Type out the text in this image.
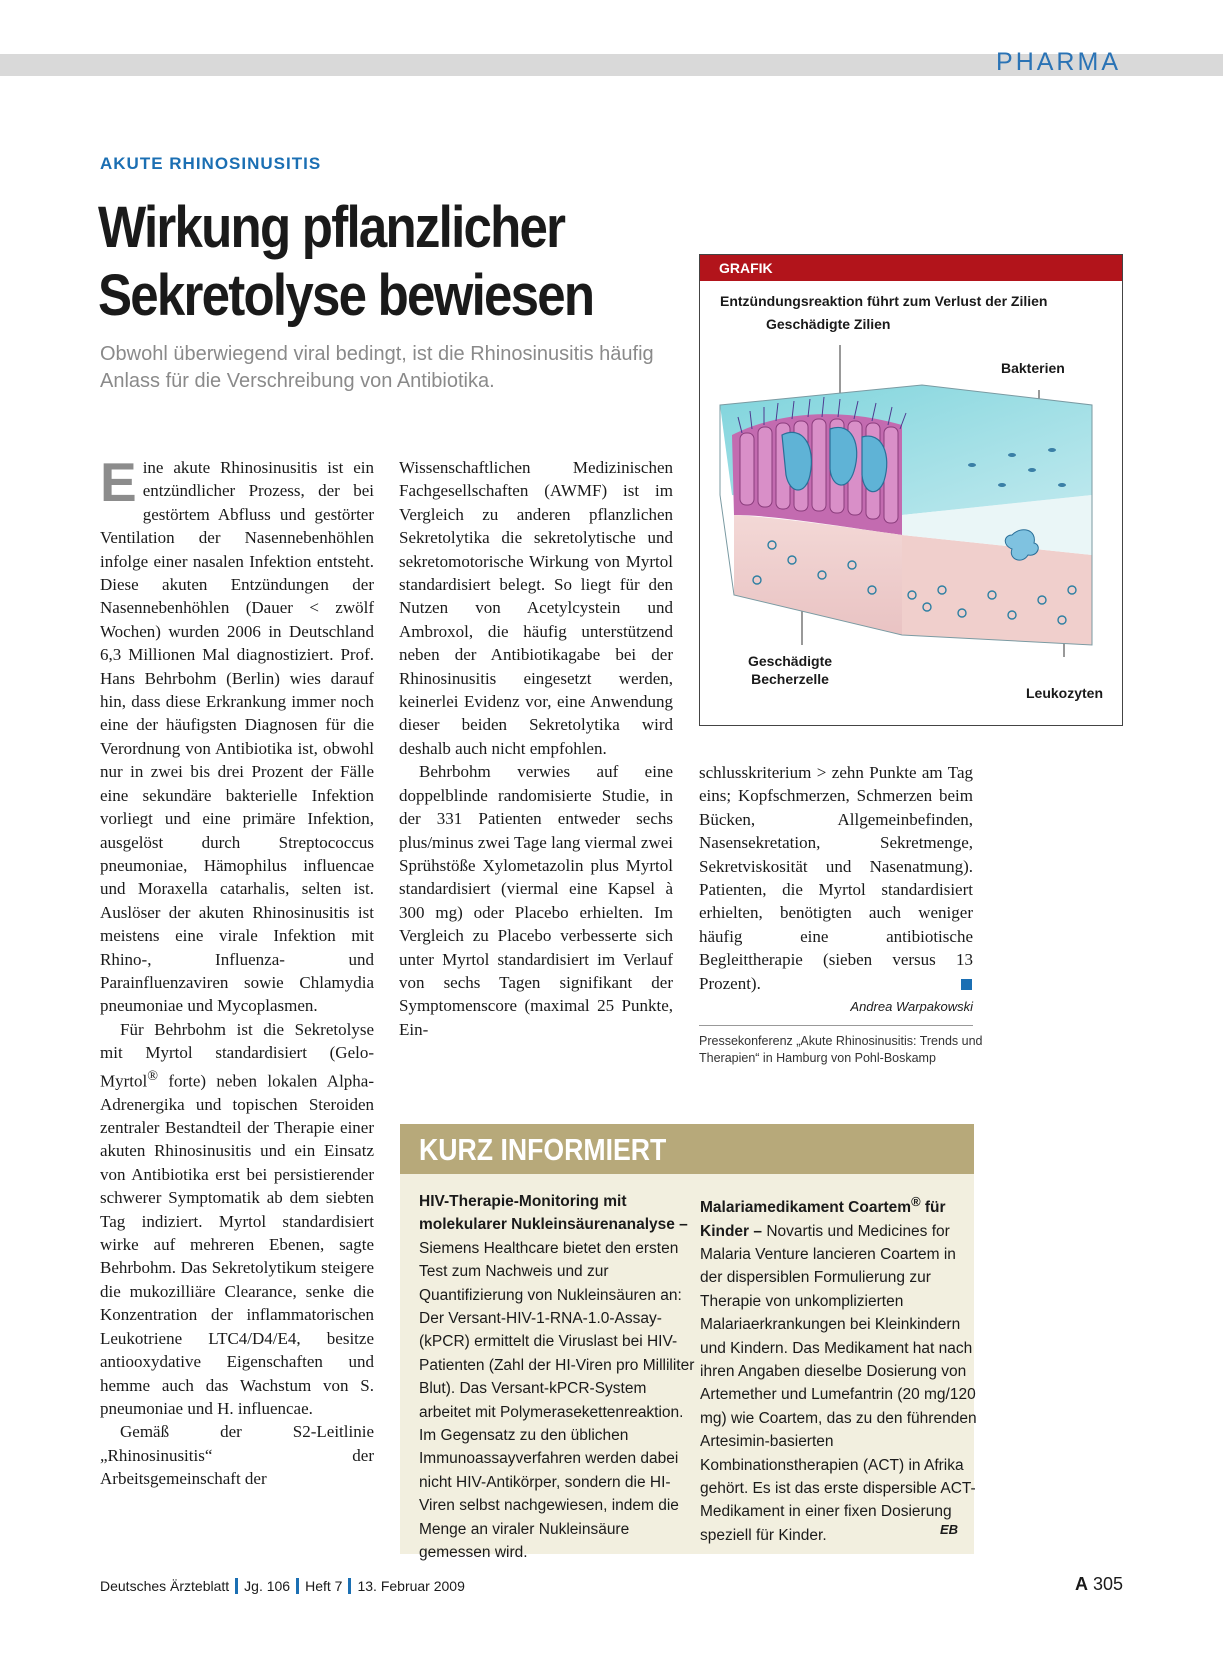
PHARMA
AKUTE RHINOSINUSITIS
Wirkung pflanzlicher Sekretolyse bewiesen
Obwohl überwiegend viral bedingt, ist die Rhinosinusitis häufig Anlass für die Verschreibung von Antibiotika.

Eine akute Rhinosinusitis ist ein entzündlicher Prozess, der bei gestörtem Abfluss und gestörter Ventilation der Nasennebenhöhlen infolge einer nasalen Infektion entsteht. Diese akuten Entzündungen der Nasennebenhöhlen (Dauer < zwölf Wochen) wurden 2006 in Deutschland 6,3 Millionen Mal diagnostiziert. Prof. Hans Behrbohm (Berlin) wies darauf hin, dass diese Erkrankung immer noch eine der häufigsten Diagnosen für die Verordnung von Antibiotika ist, obwohl nur in zwei bis drei Prozent der Fälle eine sekundäre bakterielle Infektion vorliegt und eine primäre Infektion, ausgelöst durch Streptococcus pneumoniae, Hämophilus influencae und Moraxella catarhalis, selten ist. Auslöser der akuten Rhinosinusitis ist meistens eine virale Infektion mit Rhino-, Influenza- und Parainfluenzaviren sowie Chlamydia pneumoniae und Mycoplasmen.

Für Behrbohm ist die Sekretolyse mit Myrtol standardisiert (Gelo-Myrtol® forte) neben lokalen Alpha-Adrenergika und topischen Steroiden zentraler Bestandteil der Therapie einer akuten Rhinosinusitis und ein Einsatz von Antibiotika erst bei persistierender schwerer Symptomatik ab dem siebten Tag indiziert. Myrtol standardisiert wirke auf mehreren Ebenen, sagte Behrbohm. Das Sekretolytikum steigere die mukozilliäre Clearance, senke die Konzentration der inflammatorischen Leukotriene LTC4/D4/E4, besitze antiooxydative Eigenschaften und hemme auch das Wachstum von S. pneumoniae und H. influencae.

Gemäß der S2-Leitlinie „Rhinosinusitis“ der Arbeitsgemeinschaft der

Wissenschaftlichen Medizinischen Fachgesellschaften (AWMF) ist im Vergleich zu anderen pflanzlichen Sekretolytika die sekretolytische und sekretomotorische Wirkung von Myrtol standardisiert belegt. So liegt für den Nutzen von Acetylcystein und Ambroxol, die häufig unterstützend neben der Antibiotikagabe bei der Rhinosinusitis eingesetzt werden, keinerlei Evidenz vor, eine Anwendung dieser beiden Sekretolytika wird deshalb auch nicht empfohlen.

Behrbohm verwies auf eine doppelblinde randomisierte Studie, in der 331 Patienten entweder sechs plus/minus zwei Tage lang viermal zwei Sprühstöße Xylometazolin plus Myrtol standardisiert (viermal eine Kapsel à 300 mg) oder Placebo erhielten. Im Vergleich zu Placebo verbesserte sich unter Myrtol standardisiert im Verlauf von sechs Tagen signifikant der Symptomenscore (maximal 25 Punkte, Ein-

schlusskriterium > zehn Punkte am Tag eins; Kopfschmerzen, Schmerzen beim Bücken, Allgemeinbefinden, Nasensekretation, Sekretmenge, Sekretviskosität und Nasenatmung). Patienten, die Myrtol standardisiert erhielten, benötigten auch weniger häufig eine antibiotische Begleittherapie (sieben versus 13 Prozent).

Andrea Warpakowski
Pressekonferenz „Akute Rhinosinusitis: Trends und Therapien“ in Hamburg von Pohl-Boskamp
GRAFIK
Entzündungsreaktion führt zum Verlust der Zilien
Geschädigte Zilien
Bakterien
Geschädigte
Becherzelle
Leukozyten
KURZ INFORMIERT
HIV-Therapie-Monitoring mit molekularer Nukleinsäurenanalyse – Siemens Healthcare bietet den ersten Test zum Nachweis und zur Quantifizierung von Nukleinsäuren an: Der Versant-HIV-1-RNA-1.0-Assay-(kPCR) ermittelt die Viruslast bei HIV-Patienten (Zahl der HI-Viren pro Milliliter Blut). Das Versant-kPCR-System arbeitet mit Polymerasekettenreaktion. Im Gegensatz zu den üblichen Immunoassayverfahren werden dabei nicht HIV-Antikörper, sondern die HI-Viren selbst nachgewiesen, indem die Menge an viraler Nukleinsäure gemessen wird.
Malariamedikament Coartem® für Kinder – Novartis und Medicines for Malaria Venture lancieren Coartem in der dispersiblen Formulierung zur Therapie von unkomplizierten Malariaerkrankungen bei Kleinkindern und Kindern. Das Medikament hat nach ihren Angaben dieselbe Dosierung von Artemether und Lumefantrin (20 mg/120 mg) wie Coartem, das zu den führenden Artesimin-basierten Kombinationstherapien (ACT) in Afrika gehört. Es ist das erste dispersible ACT-Medikament in einer fixen Dosierung speziell für Kinder.	EB
Deutsches Ärzteblatt Jg. 106 Heft 7 13. Februar 2009	A 305
